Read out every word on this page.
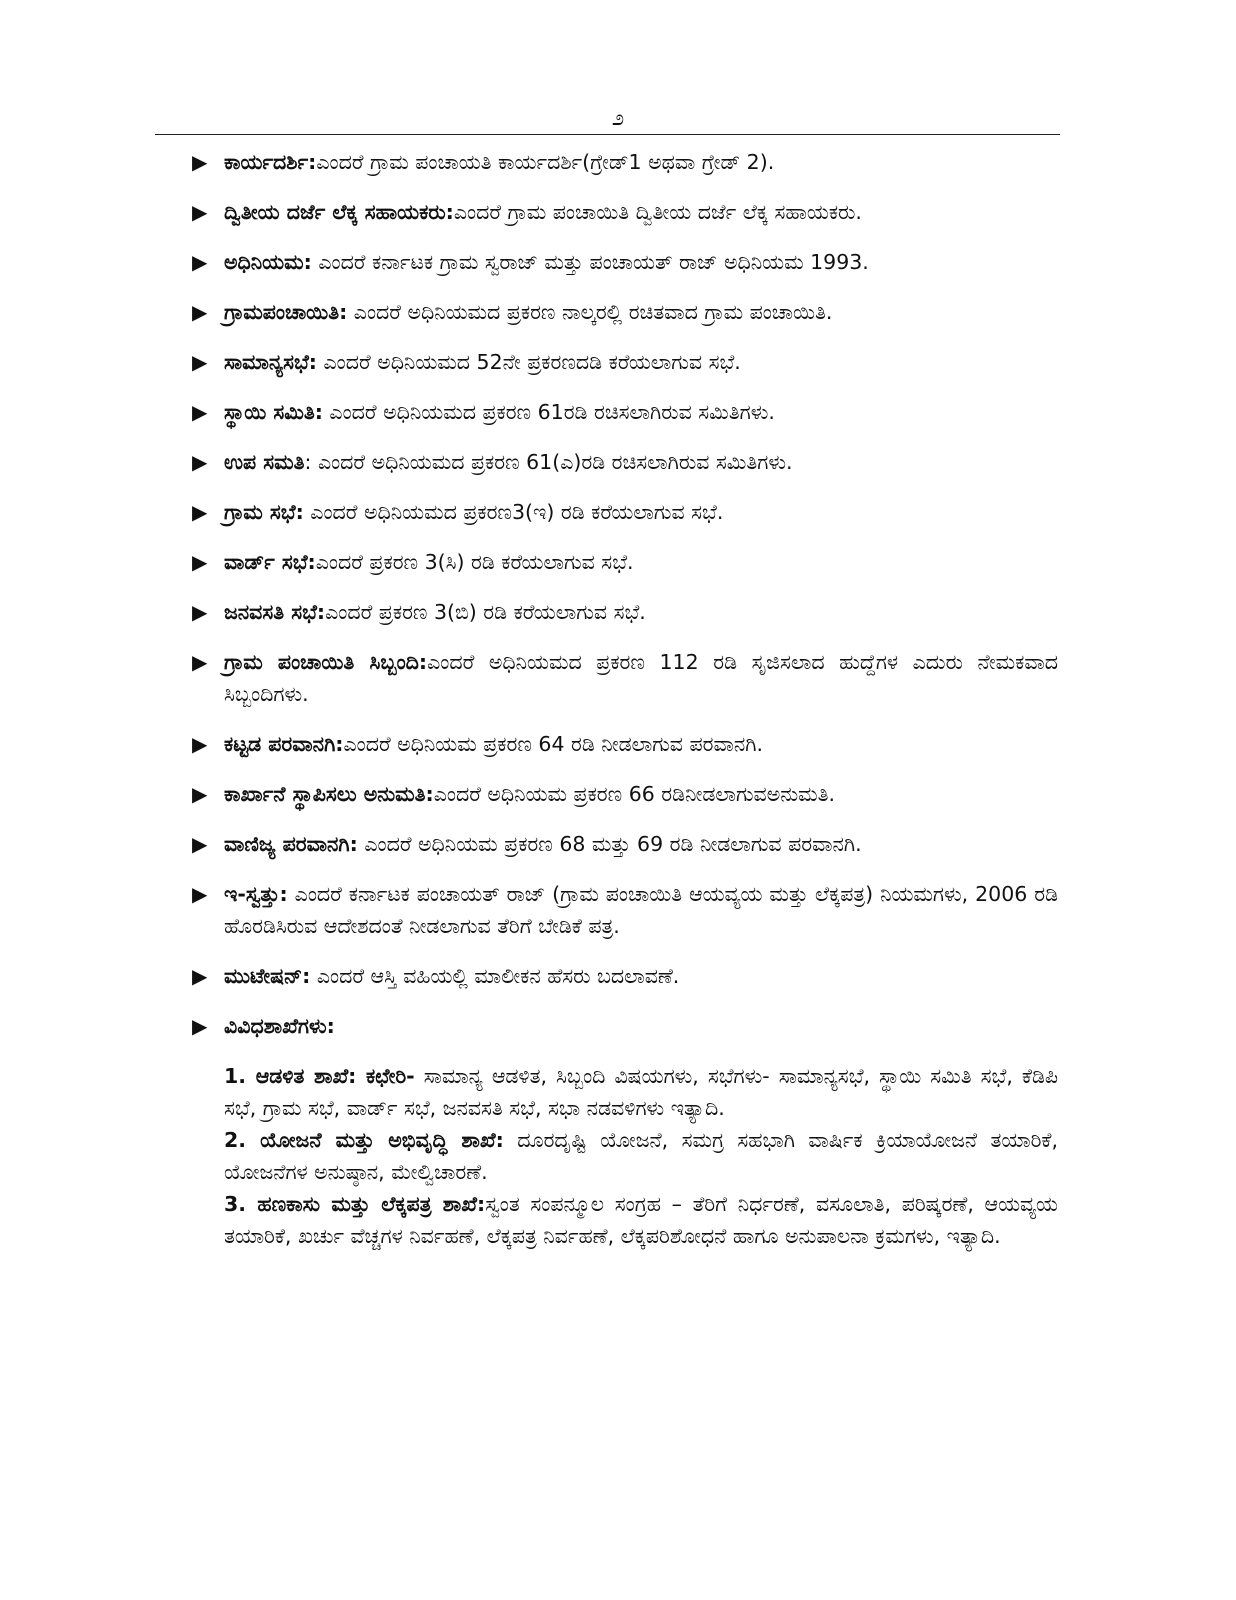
೨
▶ ಕಾರ್ಯದರ್ಶಿ:ಎಂದರೆ ಗ್ರಾಮ ಪಂಚಾಯತಿ ಕಾರ್ಯದರ್ಶಿ(ಗ್ರೇಡ್1 ಅಥವಾ ಗ್ರೇಡ್ 2).
▶ ದ್ವಿತೀಯ ದರ್ಜೆ ಲೆಕ್ಕ ಸಹಾಯಕರು:ಎಂದರೆ ಗ್ರಾಮ ಪಂಚಾಯಿತಿ ದ್ವಿತೀಯ ದರ್ಜೆ ಲೆಕ್ಕ ಸಹಾಯಕರು.
▶ ಅಧಿನಿಯಮ: ಎಂದರೆ ಕರ್ನಾಟಕ ಗ್ರಾಮ ಸ್ವರಾಜ್ ಮತ್ತು ಪಂಚಾಯತ್ ರಾಜ್ ಅಧಿನಿಯಮ 1993.
▶ ಗ್ರಾಮಪಂಚಾಯಿತಿ: ಎಂದರೆ ಅಧಿನಿಯಮದ ಪ್ರಕರಣ ನಾಲ್ಕರಲ್ಲಿ ರಚಿತವಾದ ಗ್ರಾಮ ಪಂಚಾಯಿತಿ.
▶ ಸಾಮಾನ್ಯಸಭೆ: ಎಂದರೆ ಅಧಿನಿಯಮದ 52ನೇ ಪ್ರಕರಣದಡಿ ಕರೆಯಲಾಗುವ ಸಭೆ.
▶ ಸ್ಥಾಯಿ ಸಮಿತಿ: ಎಂದರೆ ಅಧಿನಿಯಮದ ಪ್ರಕರಣ 61ರಡಿ ರಚಿಸಲಾಗಿರುವ ಸಮಿತಿಗಳು.
▶ ಉಪ ಸಮತಿ: ಎಂದರೆ ಅಧಿನಿಯಮದ ಪ್ರಕರಣ 61(ಎ)ರಡಿ ರಚಿಸಲಾಗಿರುವ ಸಮಿತಿಗಳು.
▶ ಗ್ರಾಮ ಸಭೆ: ಎಂದರೆ ಅಧಿನಿಯಮದ ಪ್ರಕರಣ3(ಇ) ರಡಿ ಕರೆಯಲಾಗುವ ಸಭೆ.
▶ ವಾರ್ಡ್ ಸಭೆ:ಎಂದರೆ ಪ್ರಕರಣ 3(ಸಿ) ರಡಿ ಕರೆಯಲಾಗುವ ಸಭೆ.
▶ ಜನವಸತಿ ಸಭೆ:ಎಂದರೆ ಪ್ರಕರಣ 3(ಬಿ) ರಡಿ ಕರೆಯಲಾಗುವ ಸಭೆ.
▶ ಗ್ರಾಮ ಪಂಚಾಯಿತಿ ಸಿಬ್ಬಂದಿ:ಎಂದರೆ ಅಧಿನಿಯಮದ ಪ್ರಕರಣ 112 ರಡಿ ಸೃಜಿಸಲಾದ ಹುದ್ದೆಗಳ ಎದುರು ನೇಮಕವಾದ ಸಿಬ್ಬಂದಿಗಳು.
▶ ಕಟ್ಟಡ ಪರವಾನಗಿ:ಎಂದರೆ ಅಧಿನಿಯಮ ಪ್ರಕರಣ 64 ರಡಿ ನೀಡಲಾಗುವ ಪರವಾನಗಿ.
▶ ಕಾರ್ಖಾನೆ ಸ್ಥಾಪಿಸಲು ಅನುಮತಿ:ಎಂದರೆ ಅಧಿನಿಯಮ ಪ್ರಕರಣ 66 ರಡಿನೀಡಲಾಗುವಅನುಮತಿ.
▶ ವಾಣಿಜ್ಯ ಪರವಾನಗಿ: ಎಂದರೆ ಅಧಿನಿಯಮ ಪ್ರಕರಣ 68 ಮತ್ತು 69 ರಡಿ ನೀಡಲಾಗುವ ಪರವಾನಗಿ.
▶ ಇ-ಸ್ವತ್ತು: ಎಂದರೆ ಕರ್ನಾಟಕ ಪಂಚಾಯತ್ ರಾಜ್ (ಗ್ರಾಮ ಪಂಚಾಯಿತಿ ಆಯವ್ಯಯ ಮತ್ತು ಲೆಕ್ಕಪತ್ರ) ನಿಯಮಗಳು, 2006 ರಡಿ ಹೊರಡಿಸಿರುವ ಆದೇಶದಂತೆ ನೀಡಲಾಗುವ ತೆರಿಗೆ ಬೇಡಿಕೆ ಪತ್ರ.
▶ ಮುಟೇಷನ್: ಎಂದರೆ ಆಸ್ತಿ ವಹಿಯಲ್ಲಿ ಮಾಲೀಕನ ಹೆಸರು ಬದಲಾವಣೆ.
▶ ವಿವಿಧಶಾಖೆಗಳು:
1. ಆಡಳಿತ ಶಾಖೆ: ಕಛೇರಿ- ಸಾಮಾನ್ಯ ಆಡಳಿತ, ಸಿಬ್ಬಂದಿ ವಿಷಯಗಳು, ಸಭೆಗಳು- ಸಾಮಾನ್ಯಸಭೆ, ಸ್ಥಾಯಿ ಸಮಿತಿ ಸಭೆ, ಕೆಡಿಪಿ ಸಭೆ, ಗ್ರಾಮ ಸಭೆ, ವಾರ್ಡ್ ಸಭೆ, ಜನವಸತಿ ಸಭೆ, ಸಭಾ ನಡವಳಿಗಳು ಇತ್ಯಾದಿ.
2. ಯೋಜನೆ ಮತ್ತು ಅಭಿವೃದ್ಧಿ ಶಾಖೆ: ದೂರದೃಷ್ಟಿ ಯೋಜನೆ, ಸಮಗ್ರ ಸಹಭಾಗಿ ವಾರ್ಷಿಕ ಕ್ರಿಯಾಯೋಜನೆ ತಯಾರಿಕೆ, ಯೋಜನೆಗಳ ಅನುಷ್ಠಾನ, ಮೇಲ್ವಿಚಾರಣೆ.
3. ಹಣಕಾಸು ಮತ್ತು ಲೆಕ್ಕಪತ್ರ ಶಾಖೆ:ಸ್ವಂತ ಸಂಪನ್ಮೂಲ ಸಂಗ್ರಹ – ತೆರಿಗೆ ನಿರ್ಧರಣೆ, ವಸೂಲಾತಿ, ಪರಿಷ್ಕರಣೆ, ಆಯವ್ಯಯ ತಯಾರಿಕೆ, ಖರ್ಚು ವೆಚ್ಚಗಳ ನಿರ್ವಹಣೆ, ಲೆಕ್ಕಪತ್ರ ನಿರ್ವಹಣೆ, ಲೆಕ್ಕಪರಿಶೋಧನೆ ಹಾಗೂ ಅನುಪಾಲನಾ ಕ್ರಮಗಳು, ಇತ್ಯಾದಿ.
